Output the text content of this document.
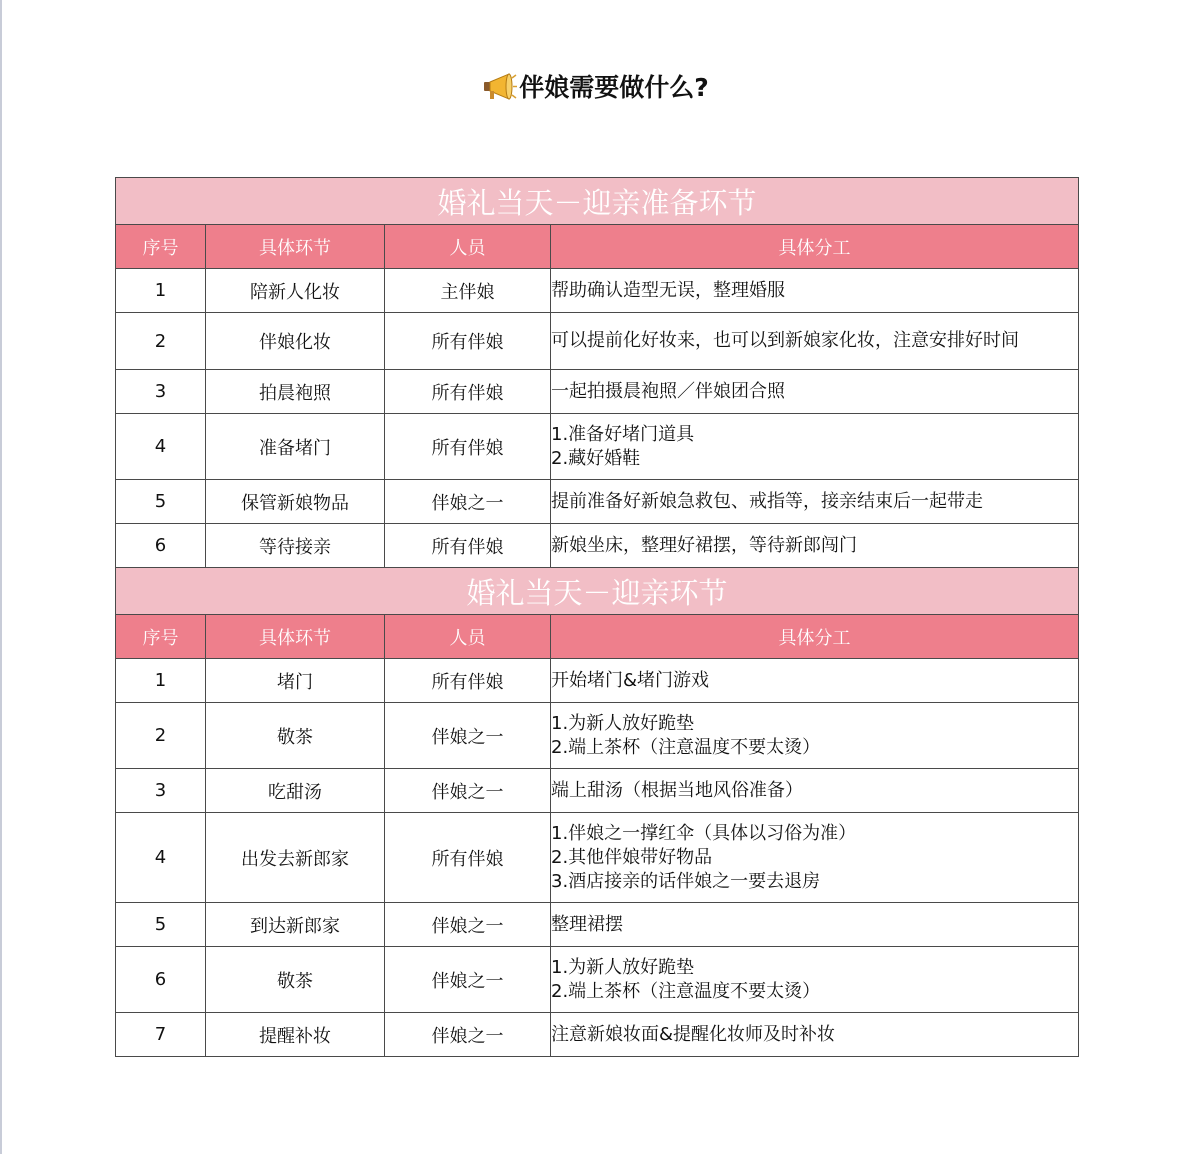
伴娘需要做什么?
婚礼当天－迎亲准备环节			
序号	具体环节	人员	具体分工
1	陪新人化妆	主伴娘	帮助确认造型无误，整理婚服

2	伴娘化妆	所有伴娘	可以提前化好妆来，也可以到新娘家化妆，注意安排好时间

3	拍晨袍照	所有伴娘	一起拍摄晨袍照／伴娘团合照

4	准备堵门	所有伴娘	1.准备好堵门道具
2.藏好婚鞋

5	保管新娘物品	伴娘之一	提前准备好新娘急救包、戒指等，接亲结束后一起带走

6	等待接亲	所有伴娘	新娘坐床，整理好裙摆，等待新郎闯门

婚礼当天－迎亲环节			
序号	具体环节	人员	具体分工
1	堵门	所有伴娘	开始堵门&堵门游戏

2	敬茶	伴娘之一	1.为新人放好跪垫
2.端上茶杯（注意温度不要太烫）

3	吃甜汤	伴娘之一	端上甜汤（根据当地风俗准备）

4	出发去新郎家	所有伴娘	1.伴娘之一撑红伞（具体以习俗为准）
2.其他伴娘带好物品
3.酒店接亲的话伴娘之一要去退房

5	到达新郎家	伴娘之一	整理裙摆

6	敬茶	伴娘之一	1.为新人放好跪垫
2.端上茶杯（注意温度不要太烫）

7	提醒补妆	伴娘之一	注意新娘妆面&提醒化妆师及时补妆
